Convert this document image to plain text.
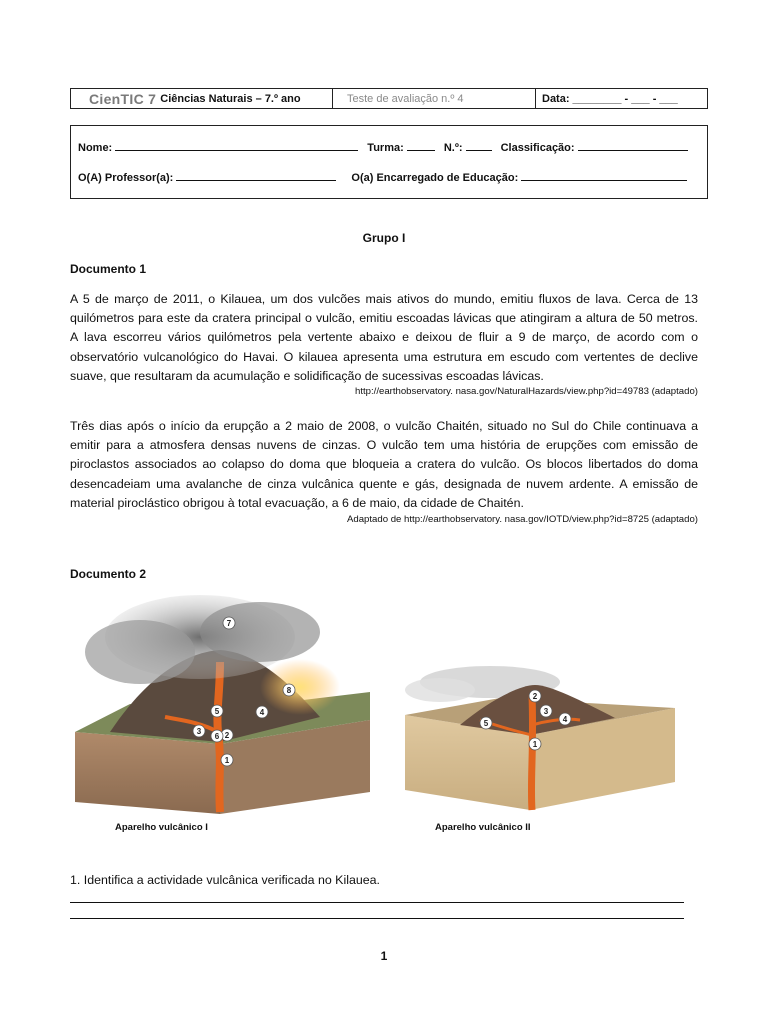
CienTIC 7 Ciências Naturais – 7.º ano	Teste de avaliação n.º 4	Data: ________ - ___ - ___
Nome:	Turma:	N.º:	Classificação:
O(A) Professor(a):	O(a) Encarregado de Educação:
Grupo I
Documento 1
A 5 de março de 2011, o Kilauea, um dos vulcões mais ativos do mundo, emitiu fluxos de lava. Cerca de 13 quilómetros para este da cratera principal o vulcão, emitiu escoadas lávicas que atingiram a altura de 50 metros. A lava escorreu vários quilómetros pela vertente abaixo e deixou de fluir a 9 de março, de acordo com o observatório vulcanológico do Havai. O kilauea apresenta uma estrutura em escudo com vertentes de declive suave, que resultaram da acumulação e solidificação de sucessivas escoadas lávicas.
http://earthobservatory. nasa.gov/NaturalHazards/view.php?id=49783 (adaptado)
Três dias após o início da erupção a 2 maio de 2008, o vulcão Chaitén, situado no Sul do Chile continuava a emitir para a atmosfera densas nuvens de cinzas. O vulcão tem uma história de erupções com emissão de piroclastos associados ao colapso do doma que bloqueia a cratera do vulcão. Os blocos libertados do doma desencadeiam uma avalanche de cinza vulcânica quente e gás, designada de nuvem ardente. A emissão de material piroclástico obrigou à total evacuação, a 6 de maio, da cidade de Chaitén.
Adaptado de http://earthobservatory. nasa.gov/IOTD/view.php?id=8725 (adaptado)
Documento 2
1
2
3
4
5
6
7
8
1
2
3
4
5
Aparelho vulcânico I	Aparelho vulcânico II
1. Identifica a actividade vulcânica verificada no Kilauea.
1
